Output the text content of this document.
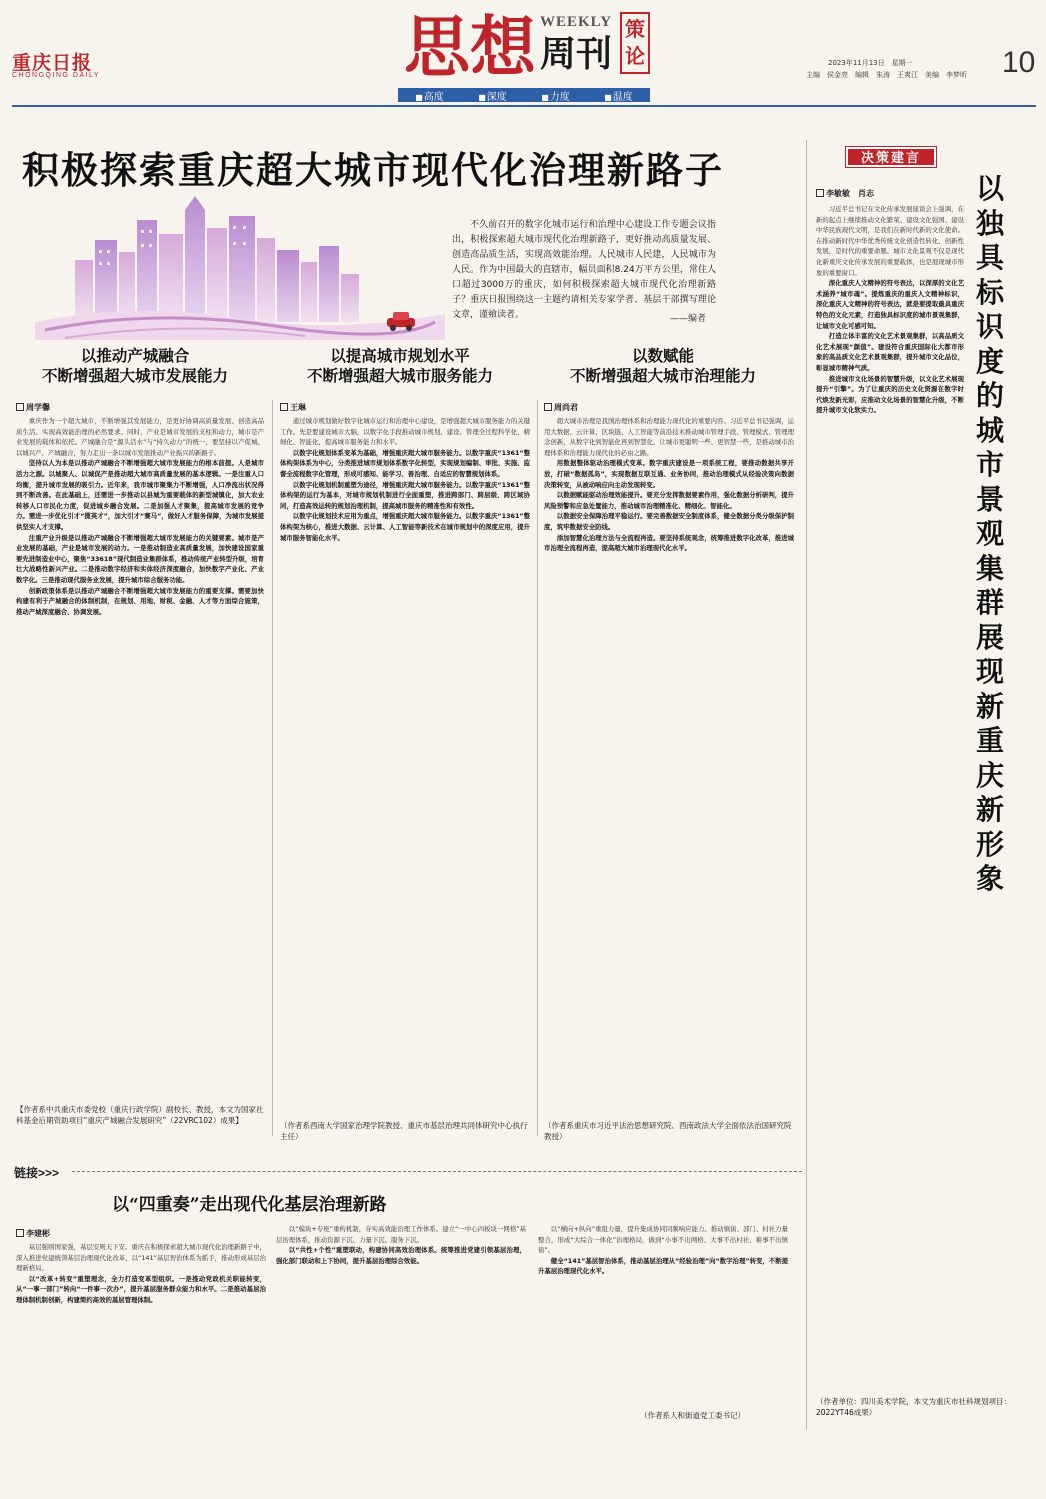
重庆日报
CHONGQING DAILY	思想 WEEKLY
周刊
策论
■ 高度	■ 深度	■ 力度	■ 温度
2023年11月13日　星期一
主编　侯金亮　编辑　朱涛　王爽江　美编　李梦昕 10
积极探索重庆超大城市现代化治理新路子
不久前召开的数字化城市运行和治理中心建设工作专题会议指出，积极探索超大城市现代化治理新路子，更好推动高质量发展、创造高品质生活，实现高效能治理。人民城市人民建，人民城市为人民。作为中国最大的直辖市，幅员面积8.24万平方公里，常住人口超过3000万的重庆，如何积极探索超大城市现代化治理新路子？重庆日报围绕这一主题约请相关专家学者、基层干部撰写理论文章，谨飨读者。	——编者
以推动产城融合
不断增强超大城市发展能力
以提高城市规划水平
不断增强超大城市服务能力
以数赋能
不断增强超大城市治理能力
周学馨	王琳	周尚君

重庆作为一个超大城市，不断增强其发展能力，是更好协调高质量发展、创造高品质生活、实现高效能治理的必然要求。同时，产业是城市发展的支柱和动力，城市是产业发展的载体和依托。产城融合是“源头活水”与“持久动力”的统一，要坚持以产促城、以城兴产、产城融合，努力走出一条以城市发展推动产业振兴的新路子。

坚持以人为本是以推动产城融合不断增强超大城市发展能力的根本前提。人是城市活力之源。以城聚人、以城促产是推动超大城市高质量发展的基本逻辑。一是注重人口均衡，提升城市发展的吸引力。近年来，我市城市聚集力不断增强，人口净流出状况得到不断改善。在此基础上，还需进一步推动以县城为重要载体的新型城镇化，加大农业转移人口市民化力度，促进城乡融合发展。二是加强人才聚集，提高城市发展的竞争力。需进一步优化引才“揽英才”，加大引才“赛马”，做好人才服务保障，为城市发展提供坚实人才支撑。

注重产业升级是以推动产城融合不断增强超大城市发展能力的关键要素。城市是产业发展的基础，产业是城市发展的动力。一是推动制造业高质量发展，加快建设国家重要先进制造业中心，聚焦“33618”现代制造业集群体系，推动传统产业转型升级，培育壮大战略性新兴产业。二是推动数字经济和实体经济深度融合，加快数字产业化、产业数字化。三是推动现代服务业发展，提升城市综合服务功能。

创新政策体系是以推动产城融合不断增强超大城市发展能力的重要支撑。需要加快构建有利于产城融合的体制机制，在规划、用地、财税、金融、人才等方面综合施策，推动产城深度融合、协调发展。

【作者系中共重庆市委党校（重庆行政学院）副校长、教授，本文为国家社科基金后期资助项目“重庆产城融合发展研究”（22VRC102）成果】

通过城市规划做好数字化城市运行和治理中心建设，是增强超大城市服务能力的关键工作。先是要建设城市大脑，以数字化手段推动城市规划、建设、管理全过程科学化、精细化、智能化，提高城市服务能力和水平。

以数字化规划体系变革为基础，增强重庆超大城市服务能力。以数字重庆“1361”整体构架体系为中心，分类推进城市规划体系数字化转型，实现规划编制、审批、实施、监督全流程数字化管理，形成可感知、能学习、善治理、自适应的智慧规划体系。

以数字化规划机制重塑为途径，增强重庆超大城市服务能力。以数字重庆“1361”整体构架的运行为基本，对城市规划机制进行全面重塑，推进跨部门、跨层级、跨区域协同，打造高效运转的规划治理机制，提高城市服务的精准性和有效性。

以数字化规划技术应用为重点，增强重庆超大城市服务能力。以数字重庆“1361”整体构架为核心，推进大数据、云计算、人工智能等新技术在城市规划中的深度应用，提升城市服务智能化水平。

（作者系西南大学国家治理学院教授、重庆市基层治理共同体研究中心执行主任）

超大城市治理是我国治理体系和治理能力现代化的重要内容。习近平总书记强调，运用大数据、云计算、区块链、人工智能等前沿技术推动城市管理手段、管理模式、管理理念创新，从数字化到智能化再到智慧化，让城市更聪明一些、更智慧一些，是推动城市治理体系和治理能力现代化的必由之路。

用数据整体驱动治理模式变革。数字重庆建设是一项系统工程，要推动数据共享开放，打破“数据孤岛”，实现数据互联互通、业务协同，推动治理模式从经验决策向数据决策转变，从被动响应向主动发现转变。

以数据赋能驱动治理效能提升。要充分发挥数据要素作用，强化数据分析研判，提升风险预警和应急处置能力，推动城市治理精准化、精细化、智能化。

以数据安全保障治理平稳运行。要完善数据安全制度体系，健全数据分类分级保护制度，筑牢数据安全防线。

添加智慧化治理方法与全流程再造。要坚持系统观念，统筹推进数字化改革，推进城市治理全流程再造，提高超大城市治理现代化水平。

（作者系重庆市习近平法治思想研究院、西南政法大学全面依法治国研究院教授）
决策建言
以独具标识度的城市景观集群展现新重庆新形象
李敏敏　肖志

习近平总书记在文化传承发展座谈会上强调，在新的起点上继续推动文化繁荣、建设文化强国、建设中华民族现代文明，是我们在新时代新的文化使命。在推动新时代中华优秀传统文化创造性转化、创新性发展，是时代的重要命题。城市文化景观不仅是现代化新重庆文化传承发展的重要载体，也是展现城市形象的重要窗口。

深化重庆人文精神的符号表达，以深厚的文化艺术涵养“城市魂”。提炼重庆的重庆人文精神标识，深化重庆人文精神的符号表达，就是要提取最具重庆特色的文化元素，打造独具标识度的城市景观集群，让城市文化可感可知。

打造立体丰富的文化艺术景观集群，以高品质文化艺术展现“颜值”。建设符合重庆国际化大都市形象的高品质文化艺术景观集群，提升城市文化品位，彰显城市精神气质。

推进城市文化场景的智慧升级，以文化艺术展现提升“引擎”。为了让重庆的历史文化资源在数字时代焕发新光彩，应推动文化场景的智慧化升级，不断提升城市文化软实力。

（作者单位：四川美术学院，本文为重庆市社科规划项目：2022YT46成果）
链接>>>
以“四重奏”走出现代化基层治理新路
李建彬

基层强则国家强，基层安则天下安。重庆在积极探索超大城市现代化治理新路子中，深入推进党建统领基层治理现代化改革，以“141”基层智治体系为抓手，推动形成基层治理新格局。

以“改革+转变”重塑理念，全力打造变革型组织。一是推动党政机关职能转变，从“一事一部门”转向“一件事一次办”，提升基层服务群众能力和水平。二是推动基层治理体制机制创新，构建简约高效的基层管理体制。

以“模块+专班”重构机制，夯实高效能治理工作体系。建立“一中心四板块一网格”基层治理体系，推动资源下沉、力量下沉、服务下沉。

以“共性+个性”重塑联动，构建协同高效治理体系。统筹推进党建引领基层治理，强化部门联动和上下协同，提升基层治理综合效能。

以“横向+纵向”重组力量，提升集成协同同频响应能力。推动镇街、部门、村社力量整合，形成“大综合一体化”治理格局，做到“小事不出网格、大事不出村社、难事不出镇街”。

健全“141”基层智治体系，推动基层治理从“经验治理”向“数字治理”转变，不断提升基层治理现代化水平。

（作者系人和街道党工委书记）
